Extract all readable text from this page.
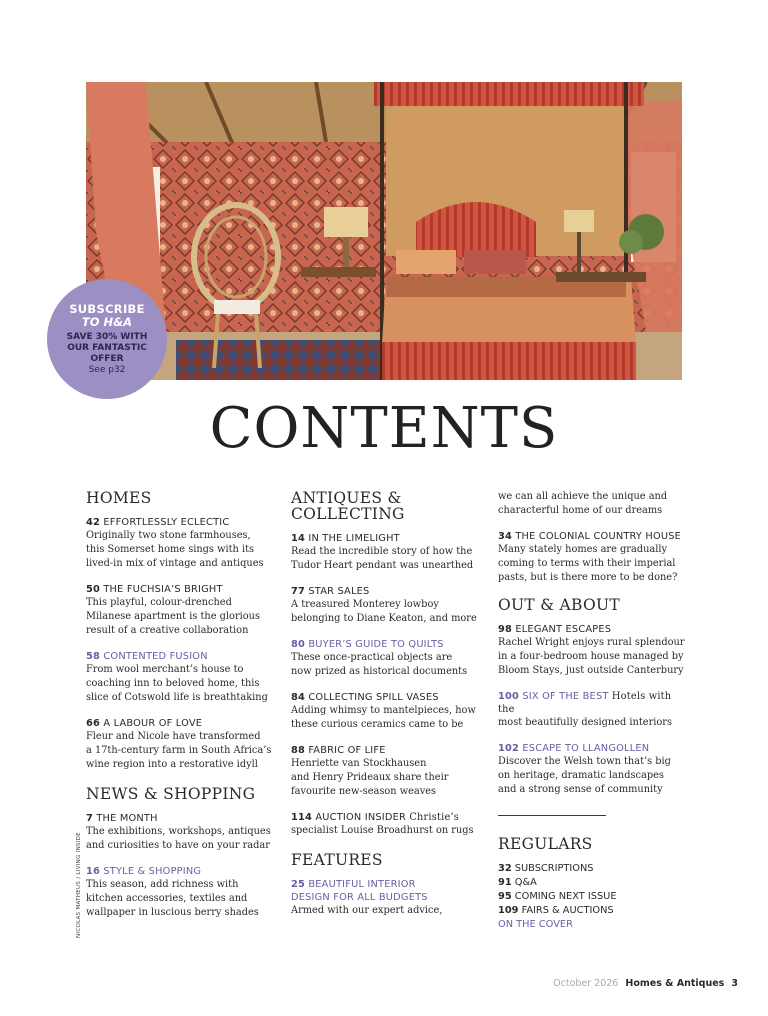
SUBSCRIBE
TO H&A
SAVE 30% WITH OUR FANTASTIC OFFER
See p32
CONTENTS
NICOLAS MATHEUS / LIVING INSIDE
HOMES
42 EFFORTLESSLY ECLECTIC
Originally two stone farmhouses,
this Somerset home sings with its
lived-in mix of vintage and antiques
50 THE FUCHSIA’S BRIGHT
This playful, colour-drenched
Milanese apartment is the glorious
result of a creative collaboration
58 CONTENTED FUSION
From wool merchant’s house to
coaching inn to beloved home, this
slice of Cotswold life is breathtaking
66 A LABOUR OF LOVE
Fleur and Nicole have transformed
a 17th-century farm in South Africa’s
wine region into a restorative idyll
NEWS & SHOPPING
7 THE MONTH
The exhibitions, workshops, antiques
and curiosities to have on your radar
16 STYLE & SHOPPING
This season, add richness with
kitchen accessories, textiles and
wallpaper in luscious berry shades
ANTIQUES & COLLECTING
14 IN THE LIMELIGHT
Read the incredible story of how the
Tudor Heart pendant was unearthed
77 STAR SALES
A treasured Monterey lowboy
belonging to Diane Keaton, and more
80 BUYER’S GUIDE TO QUILTS
These once-practical objects are
now prized as historical documents
84 COLLECTING SPILL VASES
Adding whimsy to mantelpieces, how
these curious ceramics came to be
88 FABRIC OF LIFE
Henriette van Stockhausen
and Henry Prideaux share their
favourite new-season weaves
114 AUCTION INSIDER Christie’s
specialist Louise Broadhurst on rugs
FEATURES
25 BEAUTIFUL INTERIOR
DESIGN FOR ALL BUDGETS
Armed with our expert advice,
we can all achieve the unique and
characterful home of our dreams
34 THE COLONIAL COUNTRY HOUSE
Many stately homes are gradually
coming to terms with their imperial
pasts, but is there more to be done?
OUT & ABOUT
98 ELEGANT ESCAPES
Rachel Wright enjoys rural splendour
in a four-bedroom house managed by
Bloom Stays, just outside Canterbury
100 SIX OF THE BEST Hotels with the
most beautifully designed interiors
102 ESCAPE TO LLANGOLLEN
Discover the Welsh town that’s big
on heritage, dramatic landscapes
and a strong sense of community
REGULARS
32 SUBSCRIPTIONS
91 Q&A
95 COMING NEXT ISSUE
109 FAIRS & AUCTIONS
ON THE COVER
October 2026 Homes & Antiques 3
